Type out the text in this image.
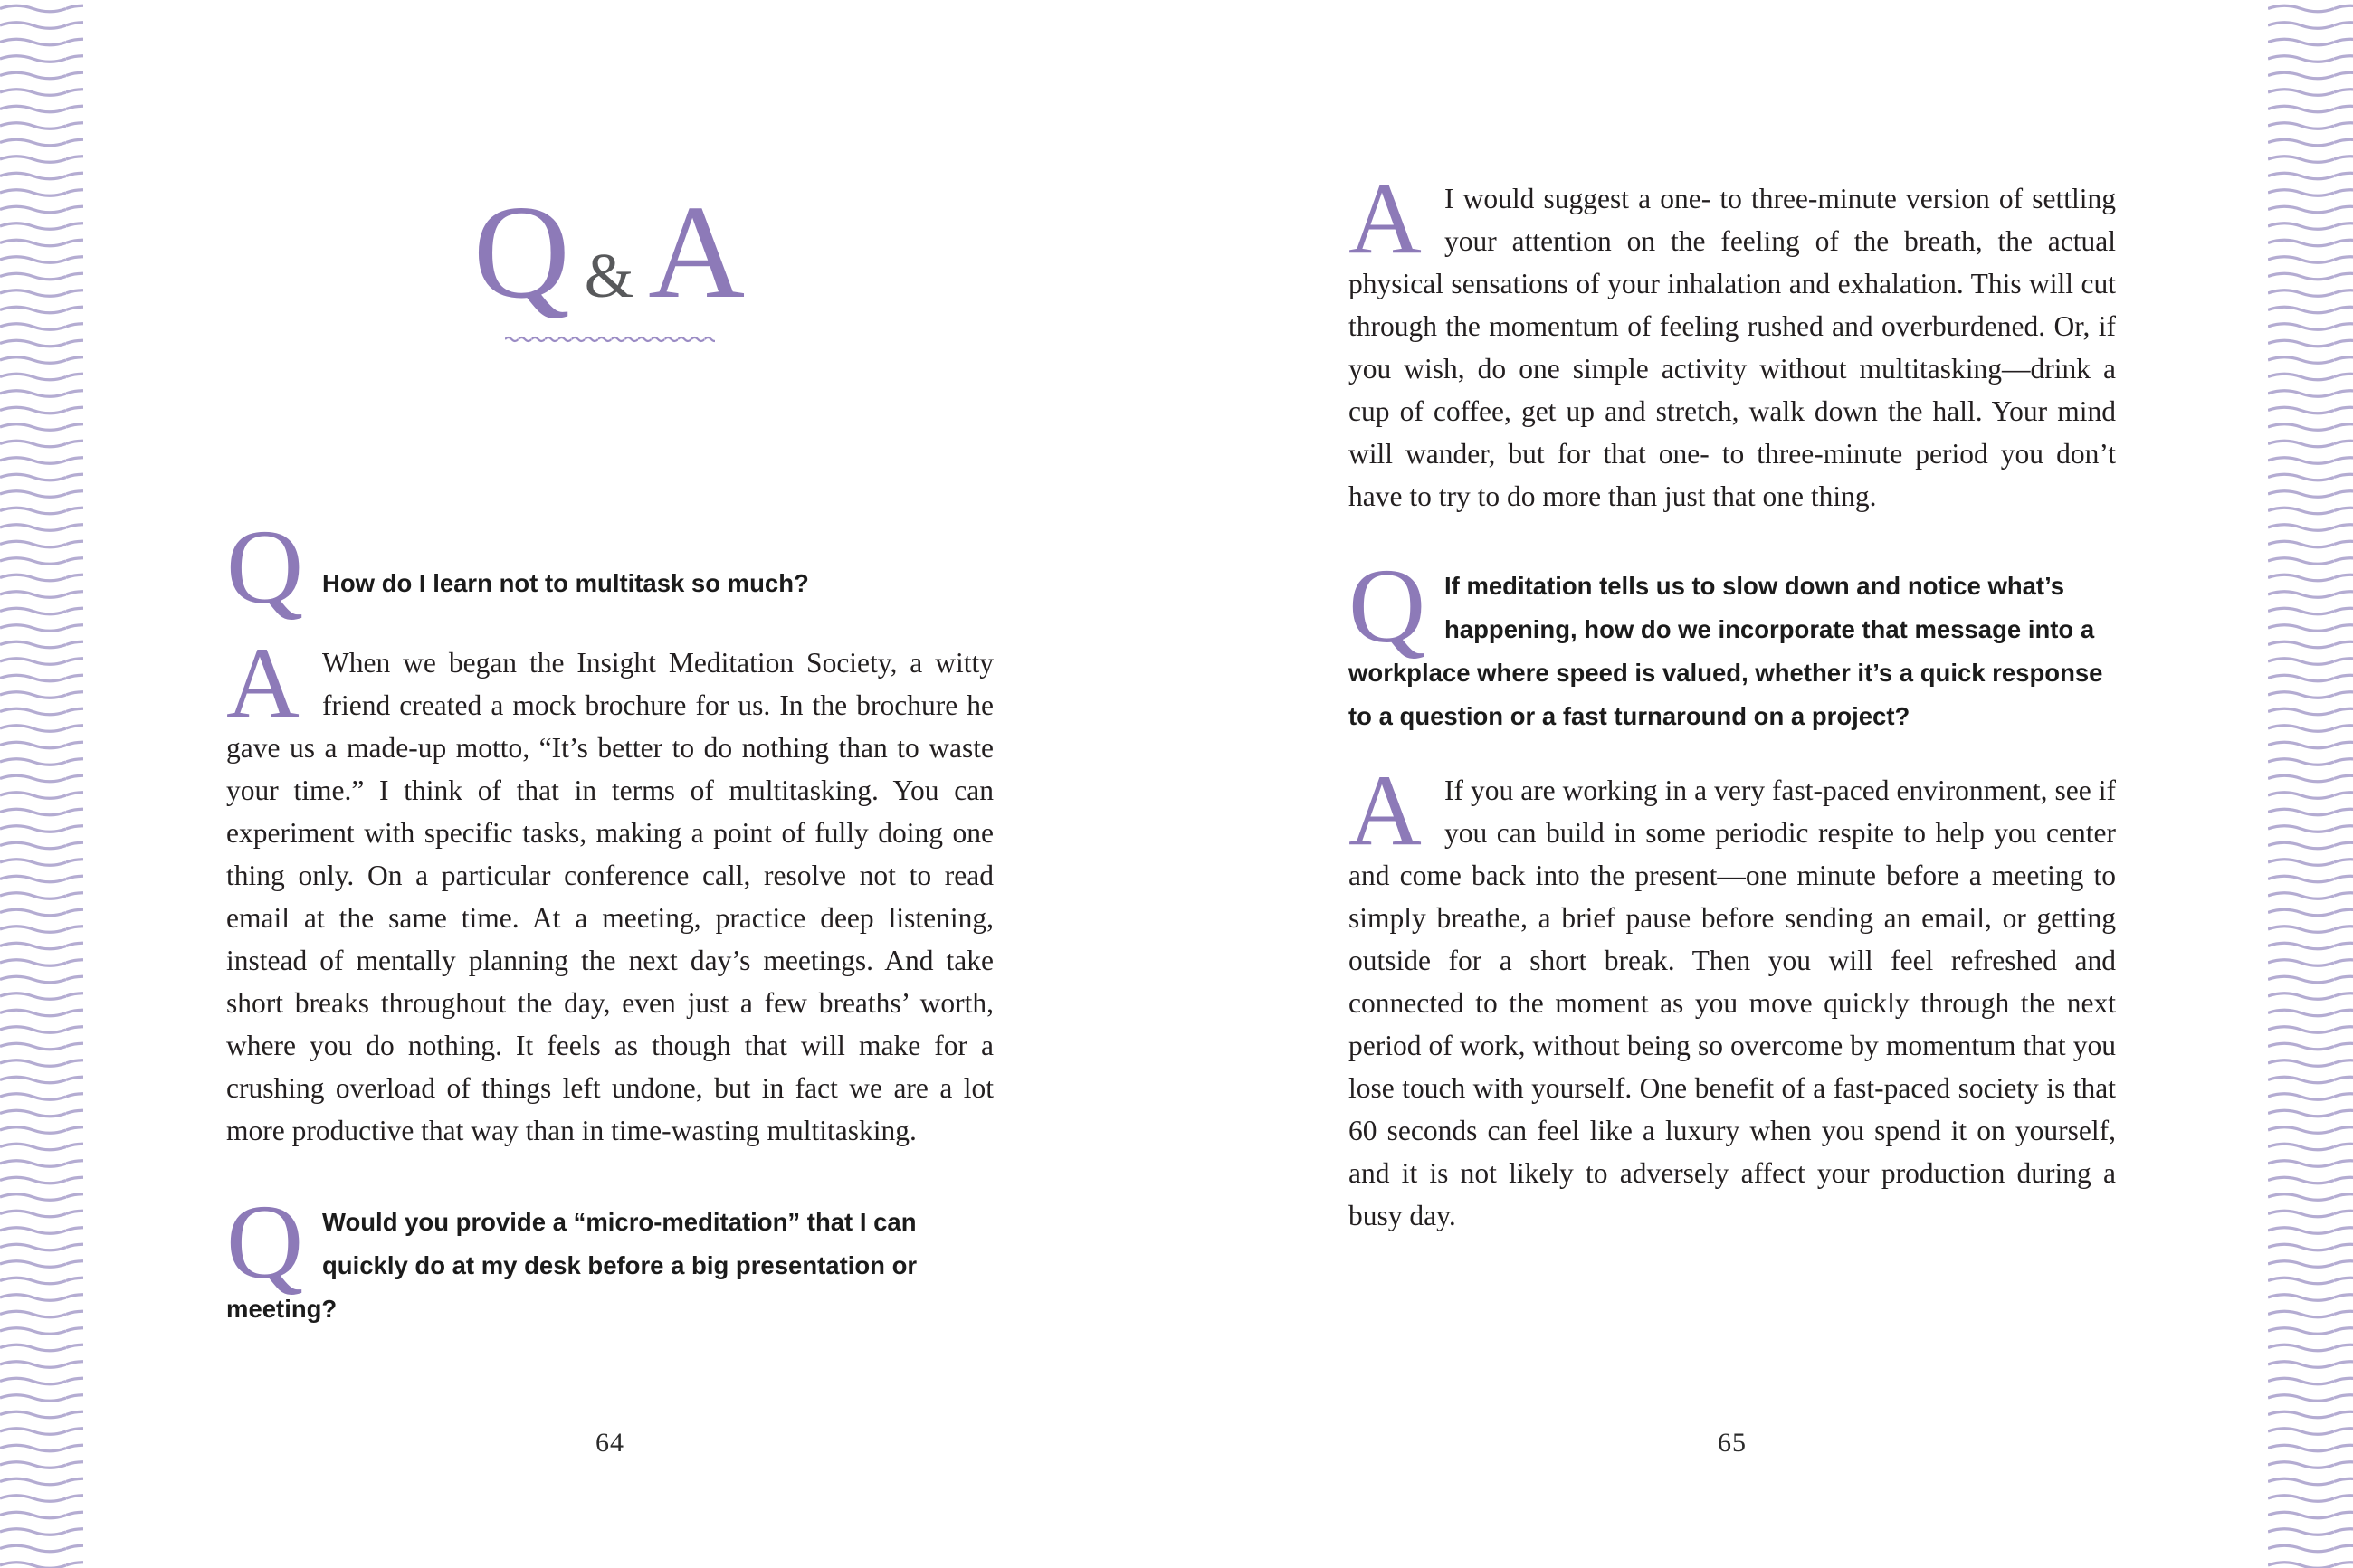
Q &A
Q How do I learn not to multitask so much?

A When we began the Insight Meditation Society, a witty friend created a mock brochure for us. In the brochure he gave us a made-up motto, “It’s better to do nothing than to waste your time.” I think of that in terms of multitasking. You can experiment with specific tasks, making a point of fully doing one thing only. On a particular conference call, resolve not to read email at the same time. At a meeting, practice deep listening, instead of mentally planning the next day’s meetings. And take short breaks throughout the day, even just a few breaths’ worth, where you do nothing. It feels as though that will make for a crushing overload of things left undone, but in fact we are a lot more productive that way than in time-wasting multitasking.

Q Would you provide a “micro-meditation” that I can quickly do at my desk before a big presentation or meeting?

64
A I would suggest a one- to three-minute version of settling your attention on the feeling of the breath, the actual physical sensations of your inhalation and exhalation. This will cut through the momentum of feeling rushed and overburdened. Or, if you wish, do one simple activity without multitasking—drink a cup of coffee, get up and stretch, walk down the hall. Your mind will wander, but for that one- to three-minute period you don’t have to try to do more than just that one thing.

Q If meditation tells us to slow down and notice what’s happening, how do we incorporate that message into a workplace where speed is valued, whether it’s a quick response to a question or a fast turnaround on a project?

A If you are working in a very fast-paced environment, see if you can build in some periodic respite to help you center and come back into the present—one minute before a meeting to simply breathe, a brief pause before sending an email, or getting outside for a short break. Then you will feel refreshed and connected to the moment as you move quickly through the next period of work, without being so overcome by momentum that you lose touch with yourself. One benefit of a fast-paced society is that 60 seconds can feel like a luxury when you spend it on yourself, and it is not likely to adversely affect your production during a busy day.

65
